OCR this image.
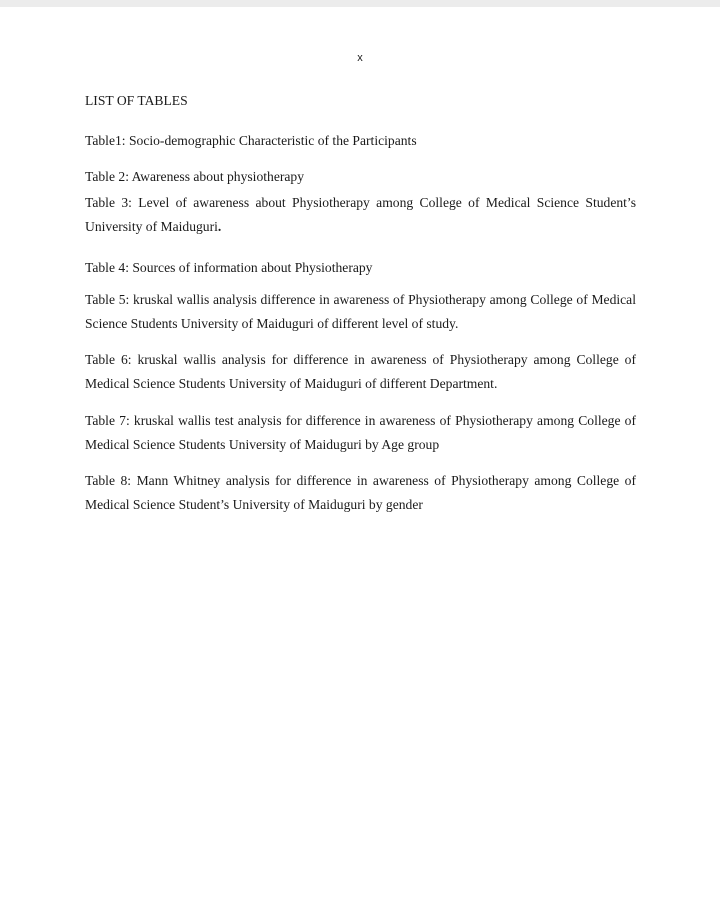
x
LIST OF TABLES
Table1: Socio-demographic Characteristic of the Participants
Table 2: Awareness about physiotherapy
Table 3: Level of awareness about Physiotherapy among College of Medical Science Student’s University of Maiduguri.
Table 4: Sources of information about Physiotherapy
Table 5: kruskal wallis analysis difference in awareness of Physiotherapy among College of Medical Science Students University of Maiduguri of different level of study.
Table 6: kruskal wallis analysis for difference in awareness of Physiotherapy among College of Medical Science Students University of Maiduguri of different Department.
Table 7: kruskal wallis test analysis for difference in awareness of Physiotherapy among College of Medical Science Students University of Maiduguri by Age group
Table 8: Mann Whitney analysis for difference in awareness of Physiotherapy among College of Medical Science Student’s University of Maiduguri by gender
